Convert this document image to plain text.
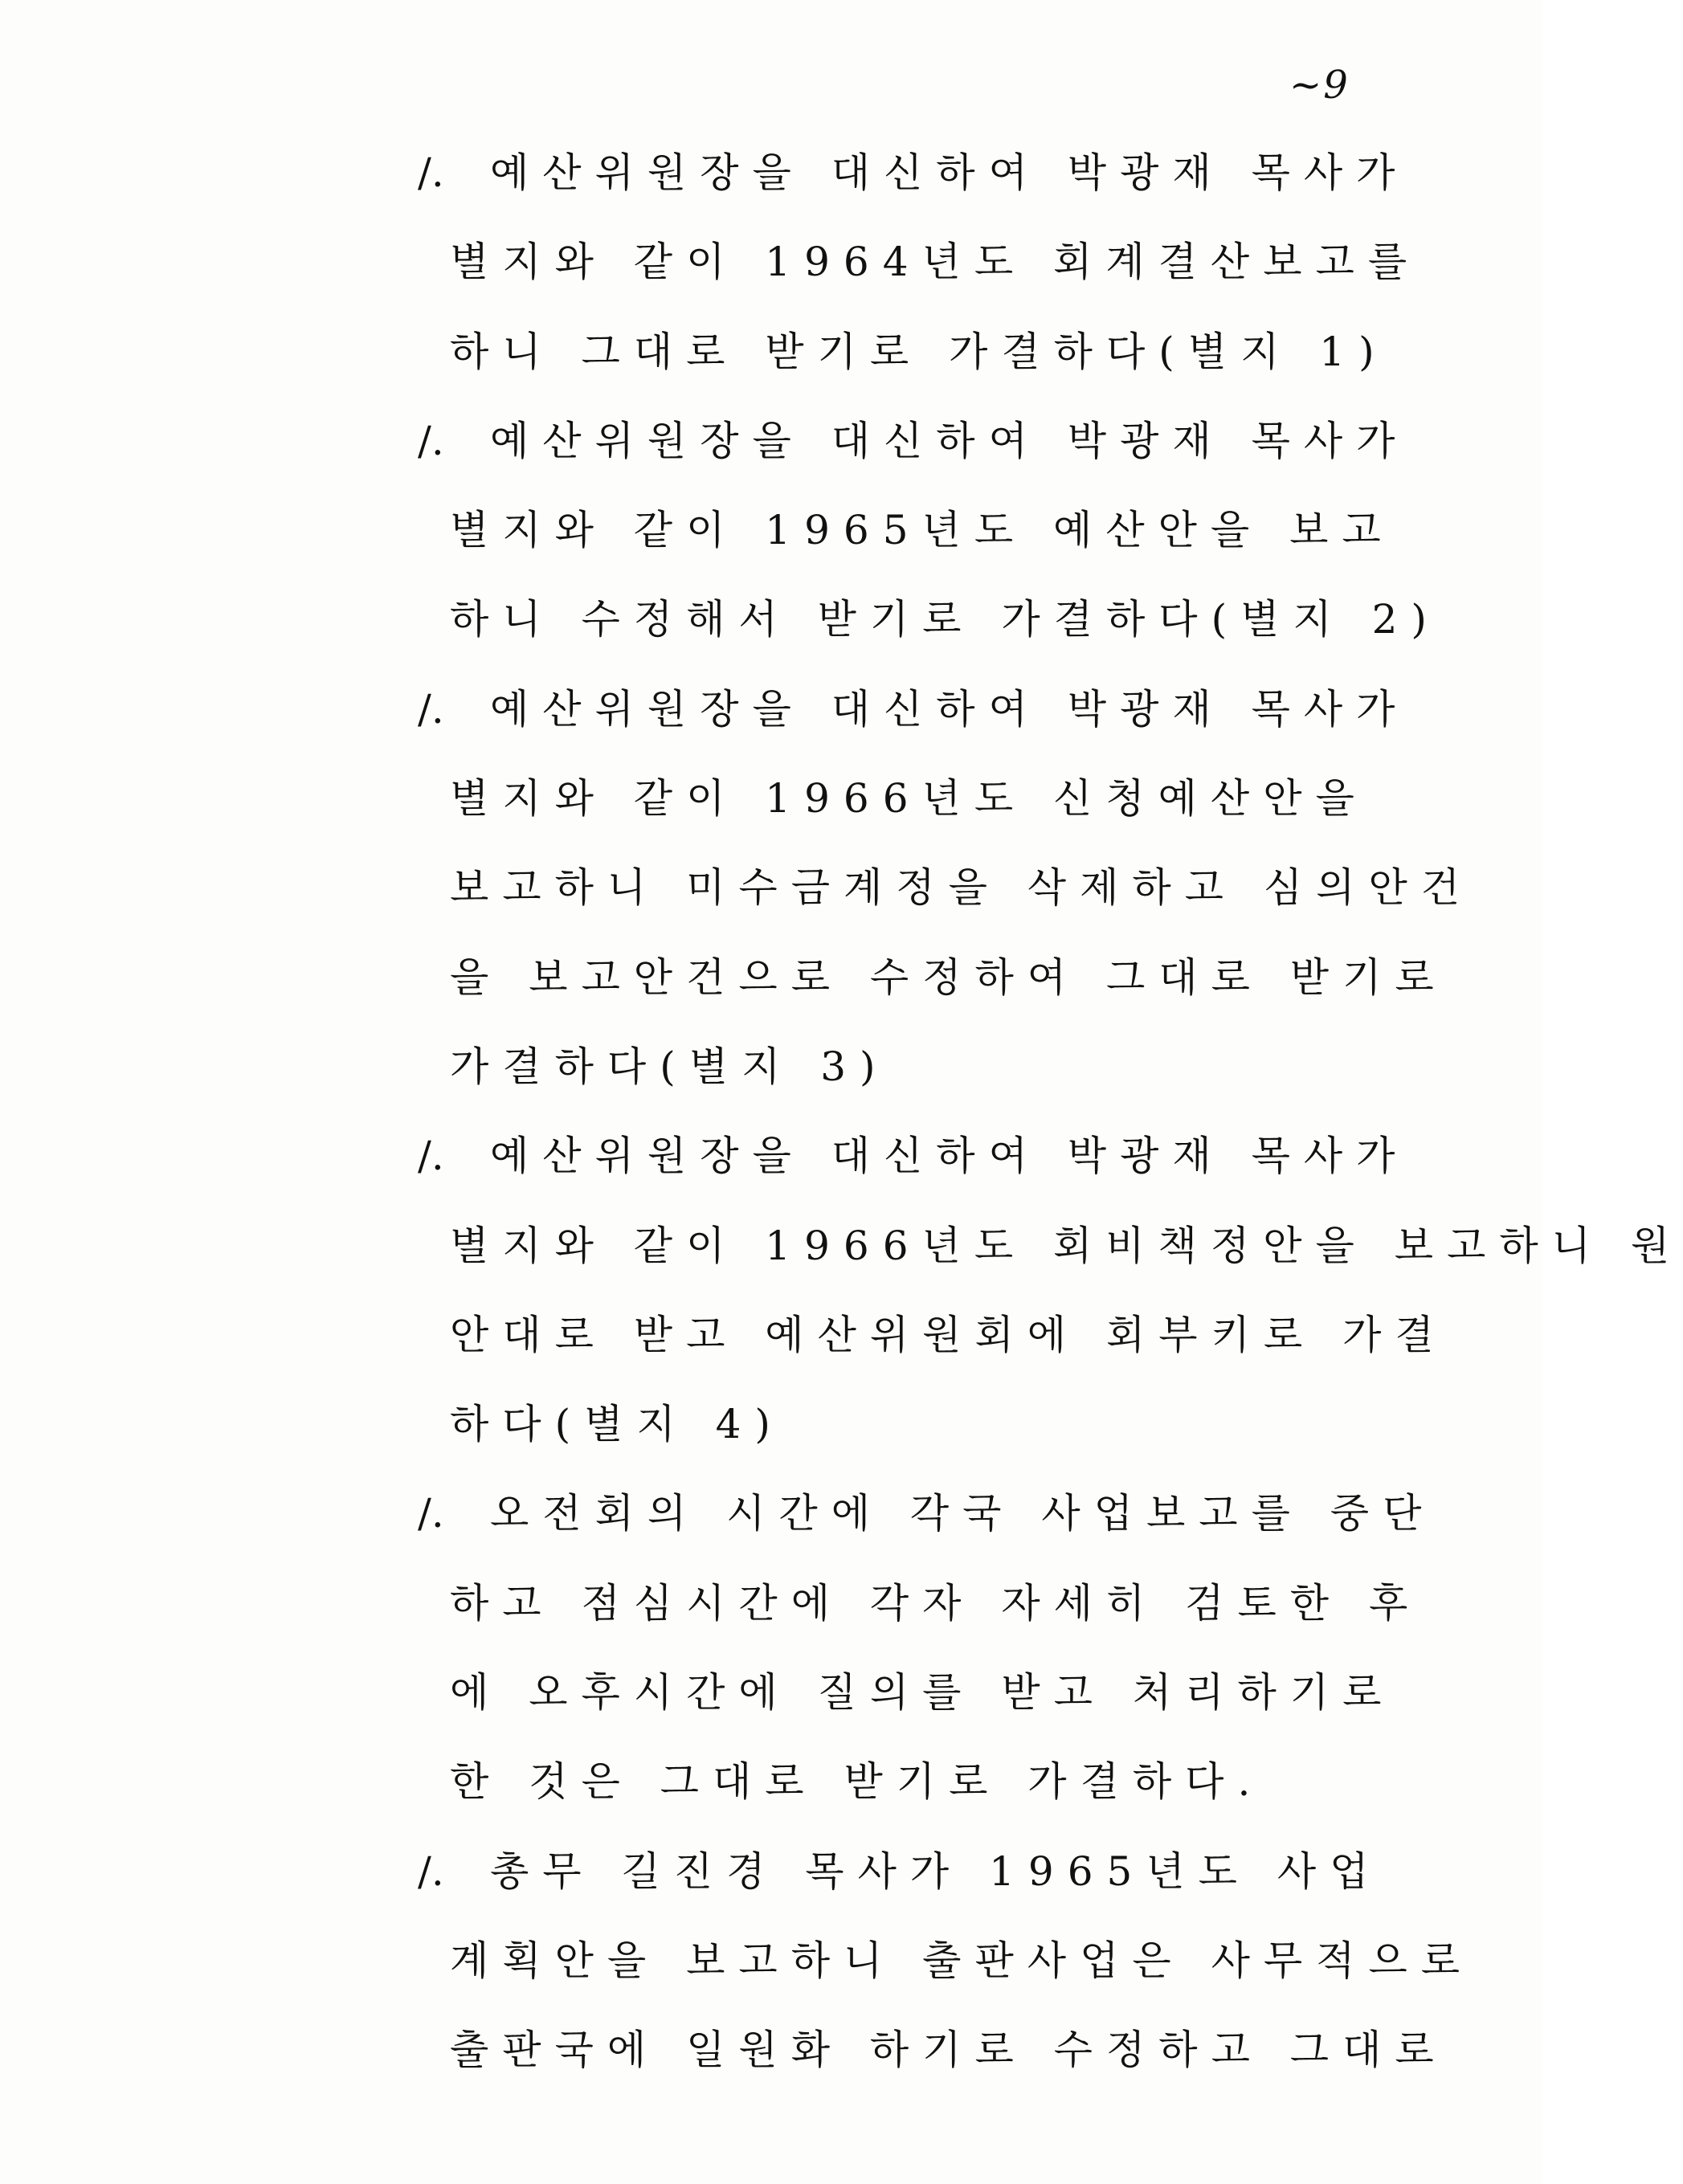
~9
/. 예산위원장을 대신하여 박광재 목사가
별지와 같이 1964년도 회계결산보고를
하니 그대로 받기로 가결하다(별지 1)
/. 예산위원장을 대신하여 박광재 목사가
별지와 같이 1965년도 예산안을 보고
하니 수정해서 받기로 가결하다(별지 2)
/. 예산위원장을 대신하여 박광재 목사가
별지와 같이 1966년도 신청예산안을
보고하니 미수금계정을 삭제하고 심의안건
을 보고안건으로 수정하여 그대로 받기로
가결하다(별지 3)
/. 예산위원장을 대신하여 박광재 목사가
별지와 같이 1966년도 회비책정안을 보고하니 원
안대로 받고 예산위원회에 회부키로 가결
하다(별지 4)
/. 오전회의 시간에 각국 사업보고를 중단
하고 점심시간에 각자 자세히 검토한 후
에 오후시간에 질의를 받고 처리하기로
한 것은 그대로 받기로 가결하다.
/. 총무 길진경 목사가 1965년도 사업
계획안을 보고하니 출판사업은 사무적으로
출판국에 일원화 하기로 수정하고 그대로
